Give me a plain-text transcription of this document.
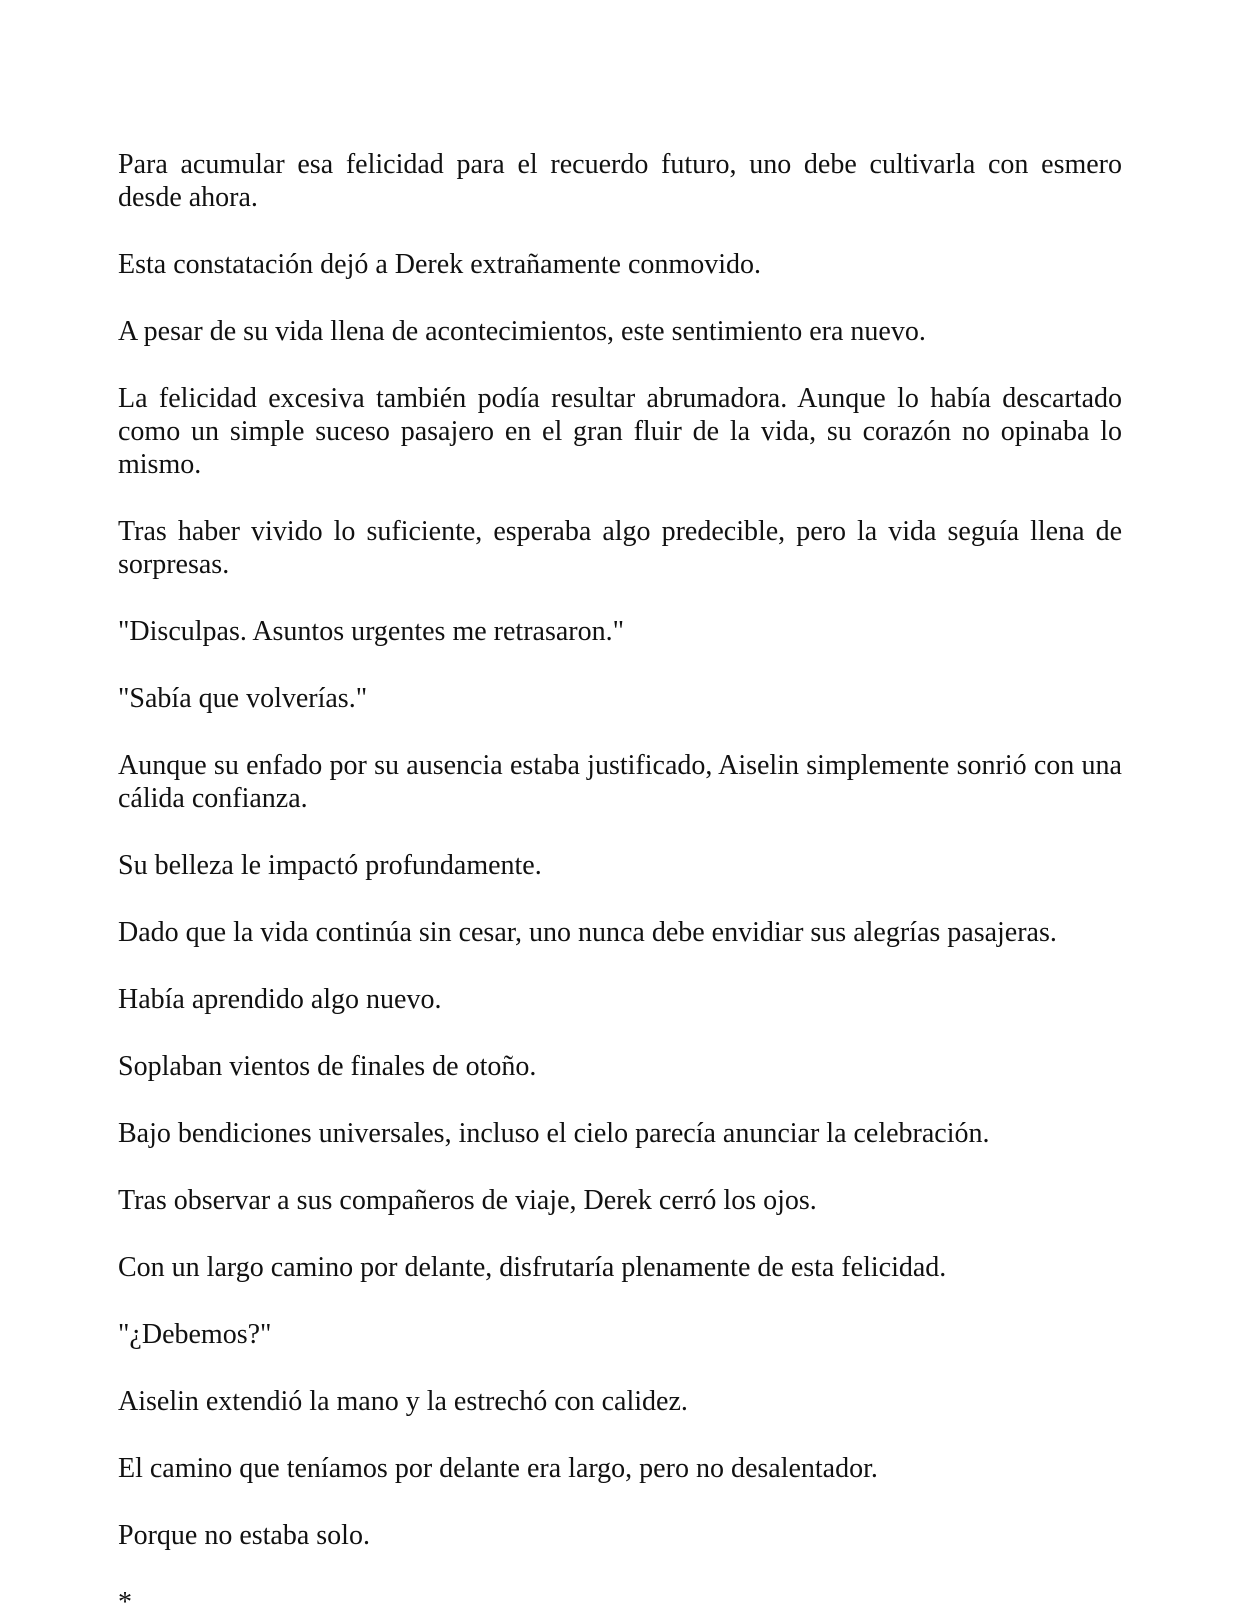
Para acumular esa felicidad para el recuerdo futuro, uno debe cultivarla con esmero desde ahora.

Esta constatación dejó a Derek extrañamente conmovido.

A pesar de su vida llena de acontecimientos, este sentimiento era nuevo.

La felicidad excesiva también podía resultar abrumadora. Aunque lo había descartado como un simple suceso pasajero en el gran fluir de la vida, su corazón no opinaba lo mismo.

Tras haber vivido lo suficiente, esperaba algo predecible, pero la vida seguía llena de sorpresas.

"Disculpas. Asuntos urgentes me retrasaron."

"Sabía que volverías."

Aunque su enfado por su ausencia estaba justificado, Aiselin simplemente sonrió con una cálida confianza.

Su belleza le impactó profundamente.

Dado que la vida continúa sin cesar, uno nunca debe envidiar sus alegrías pasajeras.

Había aprendido algo nuevo.

Soplaban vientos de finales de otoño.

Bajo bendiciones universales, incluso el cielo parecía anunciar la celebración.

Tras observar a sus compañeros de viaje, Derek cerró los ojos.

Con un largo camino por delante, disfrutaría plenamente de esta felicidad.

"¿Debemos?"

Aiselin extendió la mano y la estrechó con calidez.

El camino que teníamos por delante era largo, pero no desalentador.

Porque no estaba solo.

*
